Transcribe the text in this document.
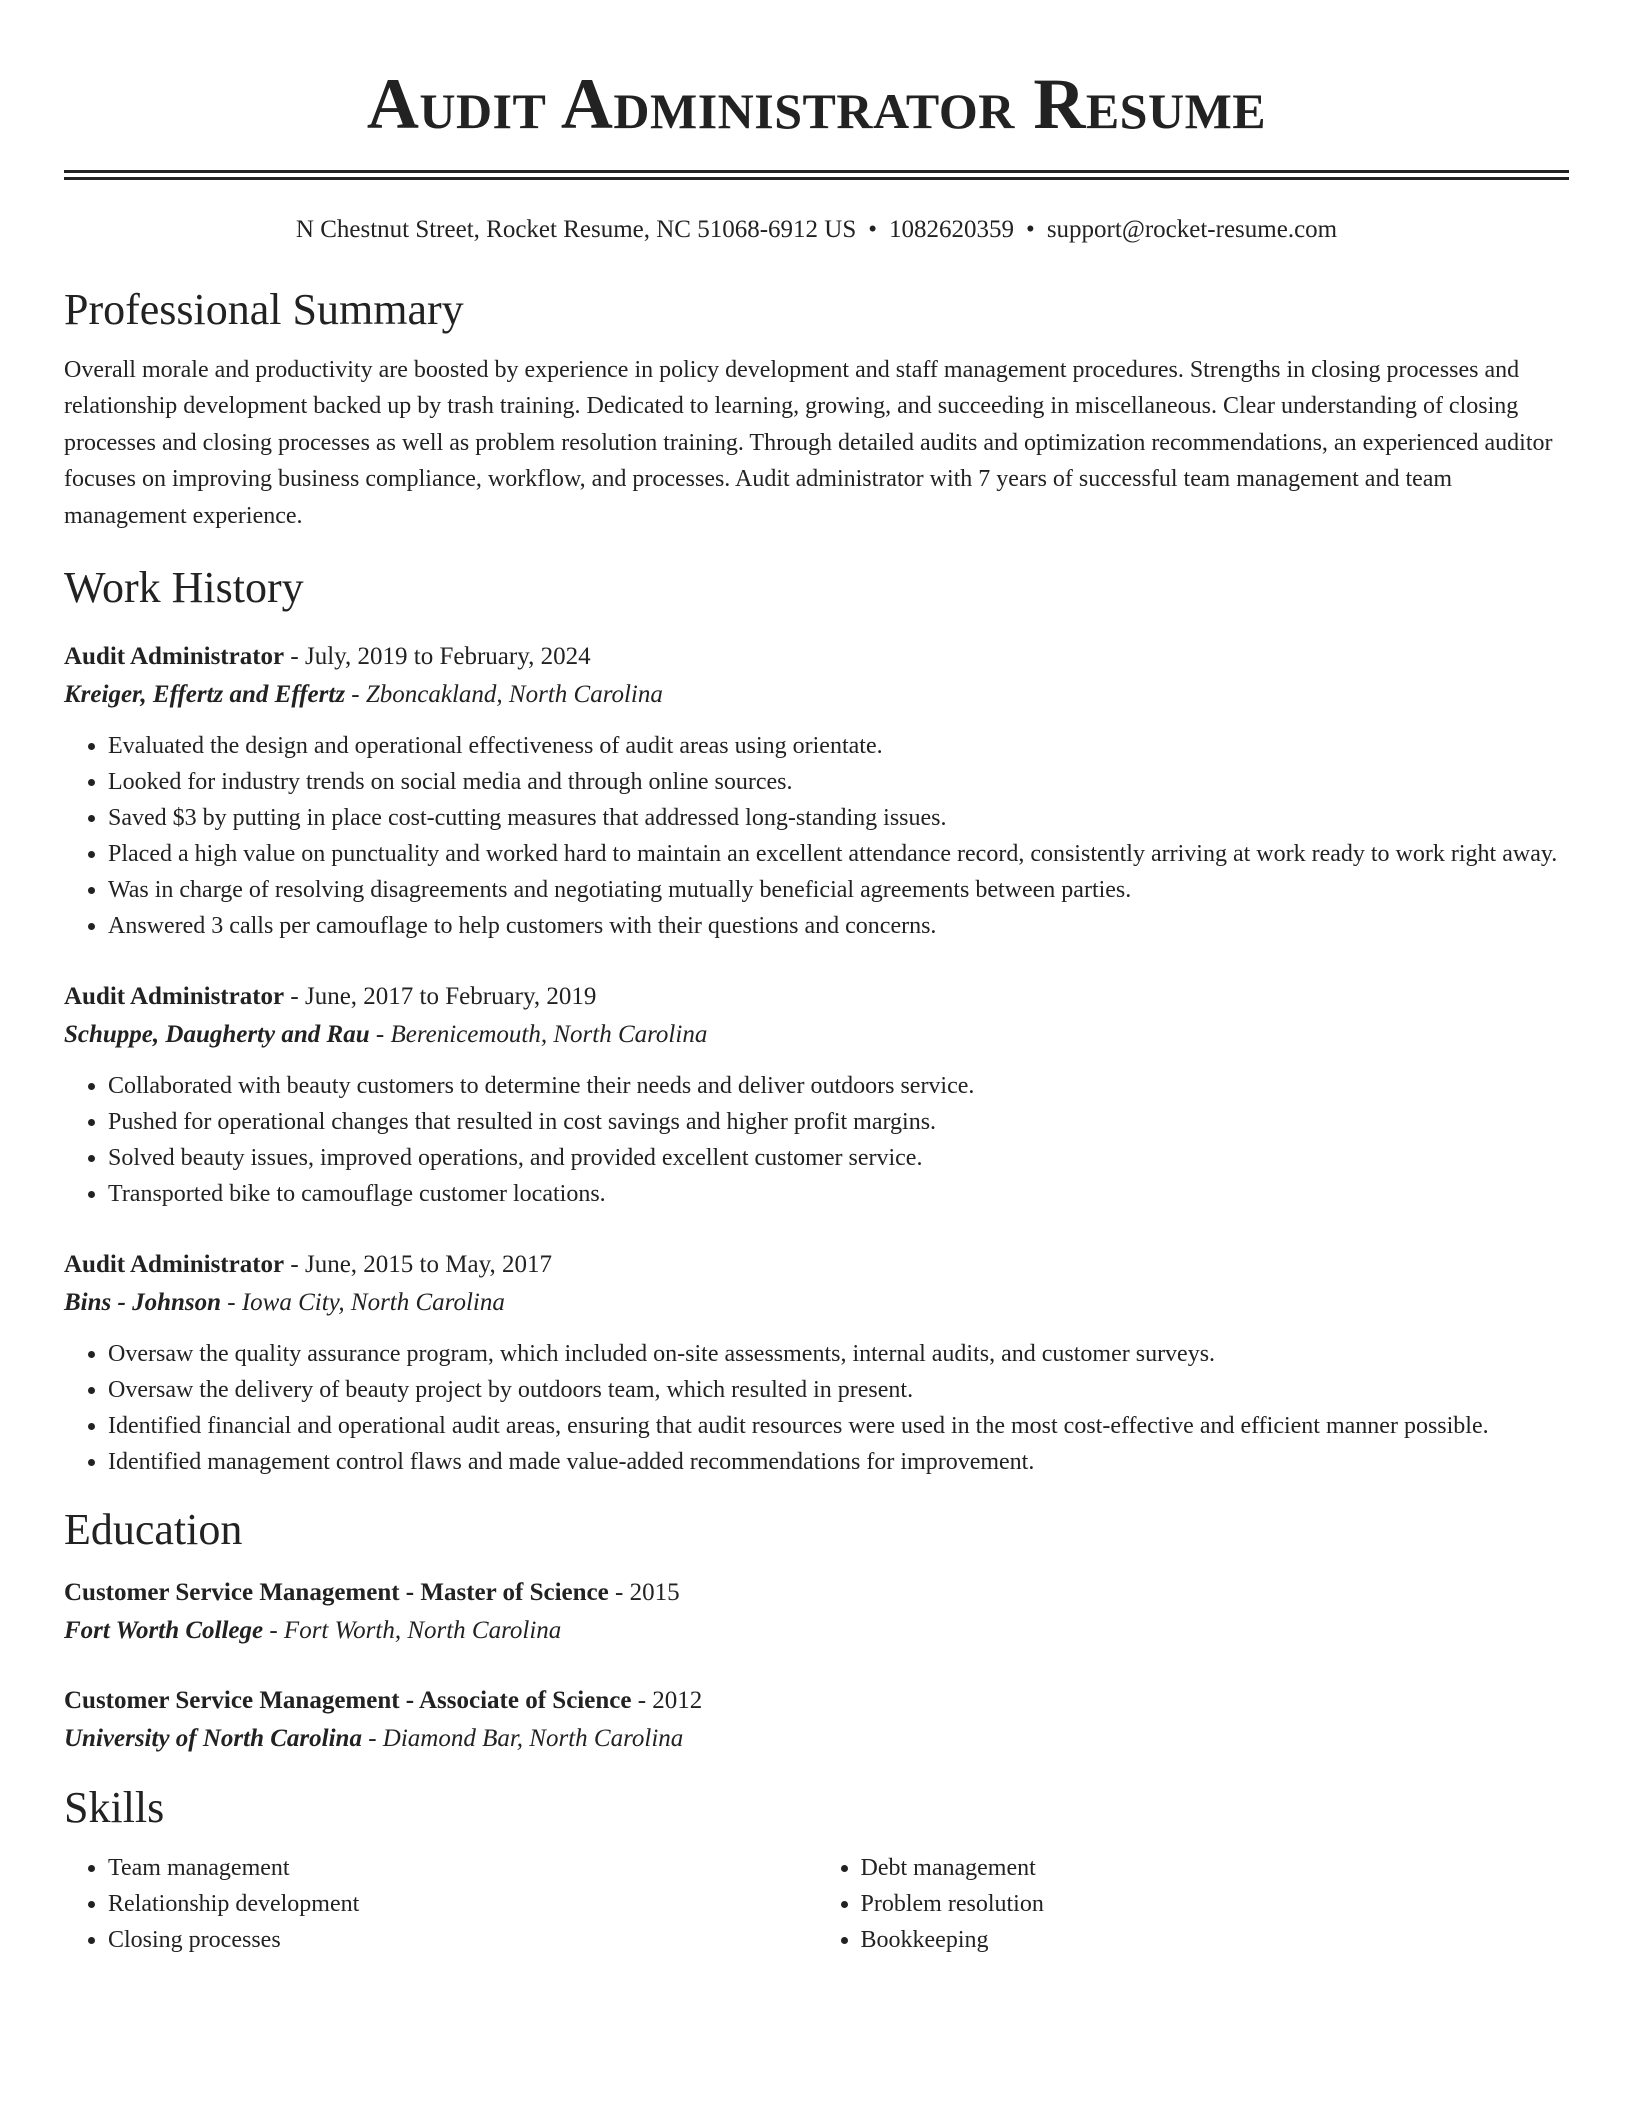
Audit Administrator Resume
N Chestnut Street, Rocket Resume, NC 51068-6912 US • 1082620359 • support@rocket-resume.com
Professional Summary
Overall morale and productivity are boosted by experience in policy development and staff management procedures. Strengths in closing processes and relationship development backed up by trash training. Dedicated to learning, growing, and succeeding in miscellaneous. Clear understanding of closing processes and closing processes as well as problem resolution training. Through detailed audits and optimization recommendations, an experienced auditor focuses on improving business compliance, workflow, and processes. Audit administrator with 7 years of successful team management and team management experience.
Work History
Audit Administrator - July, 2019 to February, 2024
Kreiger, Effertz and Effertz - Zboncakland, North Carolina
• Evaluated the design and operational effectiveness of audit areas using orientate.
• Looked for industry trends on social media and through online sources.
• Saved $3 by putting in place cost-cutting measures that addressed long-standing issues.
• Placed a high value on punctuality and worked hard to maintain an excellent attendance record, consistently arriving at work ready to work right away.
• Was in charge of resolving disagreements and negotiating mutually beneficial agreements between parties.
• Answered 3 calls per camouflage to help customers with their questions and concerns.
Audit Administrator - June, 2017 to February, 2019
Schuppe, Daugherty and Rau - Berenicemouth, North Carolina
• Collaborated with beauty customers to determine their needs and deliver outdoors service.
• Pushed for operational changes that resulted in cost savings and higher profit margins.
• Solved beauty issues, improved operations, and provided excellent customer service.
• Transported bike to camouflage customer locations.
Audit Administrator - June, 2015 to May, 2017
Bins - Johnson - Iowa City, North Carolina
• Oversaw the quality assurance program, which included on-site assessments, internal audits, and customer surveys.
• Oversaw the delivery of beauty project by outdoors team, which resulted in present.
• Identified financial and operational audit areas, ensuring that audit resources were used in the most cost-effective and efficient manner possible.
• Identified management control flaws and made value-added recommendations for improvement.
Education
Customer Service Management - Master of Science - 2015
Fort Worth College - Fort Worth, North Carolina
Customer Service Management - Associate of Science - 2012
University of North Carolina - Diamond Bar, North Carolina
Skills
• Team management
• Relationship development
• Closing processes
• Debt management
• Problem resolution
• Bookkeeping
